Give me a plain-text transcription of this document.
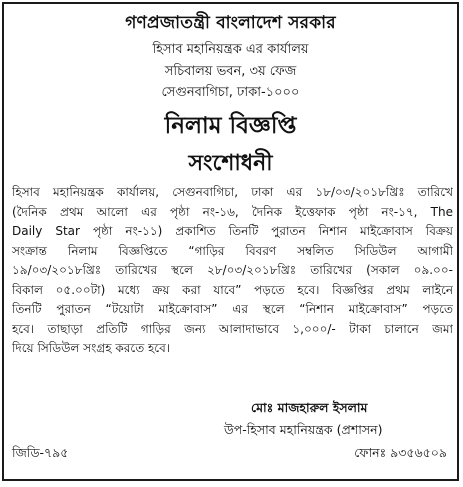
গণপ্রজাতন্ত্রী বাংলাদেশ সরকার
হিসাব মহানিয়ন্ত্রক এর কার্যালয়
সচিবালয় ভবন, ৩য় ফেজ
সেগুনবাগিচা, ঢাকা-১০০০
নিলাম বিজ্ঞপ্তি
সংশোধনী
হিসাব মহানিয়ন্ত্রক কার্যালয়, সেগুনবাগিচা, ঢাকা এর ১৮/০৩/২০১৮খ্রিঃ তারিখে
(দৈনিক প্রথম আলো এর পৃষ্ঠা নং-১৬, দৈনিক ইত্তেফাক পৃষ্ঠা নং-১৭, The
Daily Star পৃষ্ঠা নং-১১) প্রকাশিত তিনটি পুরাতন নিশান মাইক্রোবাস বিক্রয়
সংক্রান্ত নিলাম বিজ্ঞপ্তিতে “গাড়ির বিবরণ সম্বলিত সিডিউল আগামী
১৯/০৩/২০১৮খ্রিঃ তারিখের স্থলে ২৮/০৩/২০১৮খ্রিঃ তারিখের (সকাল ০৯.০০-
বিকাল ০৫.০০টা) মধ্যে ক্রয় করা যাবে” পড়তে হবে। বিজ্ঞপ্তির প্রথম লাইনে
তিনটি পুরাতন “টয়োটা মাইক্রোবাস” এর স্থলে “নিশান মাইক্রোবাস” পড়তে
হবে। তাছাড়া প্রতিটি গাড়ির জন্য আলাদাভাবে ১,০০০/- টাকা চালানে জমা
দিয়ে সিডিউল সংগ্রহ করতে হবে।
মোঃ মাজহারুল ইসলাম
উপ-হিসাব মহানিয়ন্ত্রক (প্রশাসন)
জিডি-৭৯৫	ফোনঃ ৯৩৫৬৫০৯
